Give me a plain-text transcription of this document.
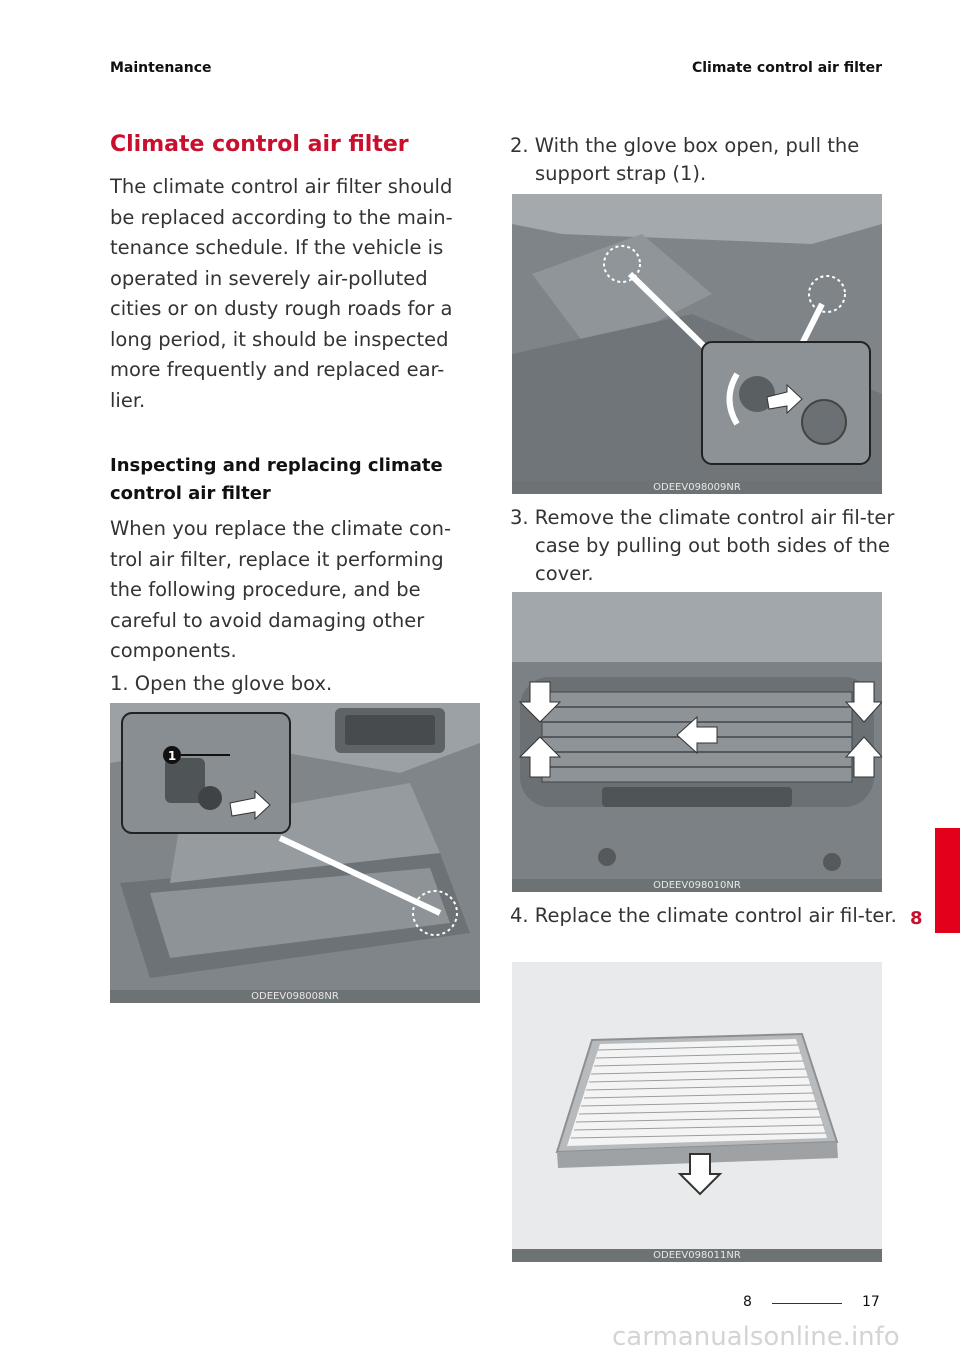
Maintenance	Climate control air filter
Climate control air filter

The climate control air filter should be replaced according to the main-tenance schedule. If the vehicle is operated in severely air-polluted cities or on dusty rough roads for a long period, it should be inspected more frequently and replaced ear-lier.

Inspecting and replacing climate control air filter

When you replace the climate con-trol air filter, replace it performing the following procedure, and be careful to avoid damaging other components.

1. Open the glove box.

1
ODEEV098008NR

2. With the glove box open, pull the support strap (1).

ODEEV098009NR

3. Remove the climate control air fil-ter case by pulling out both sides of the cover.

ODEEV098010NR

4. Replace the climate control air fil-ter.

ODEEV098011NR
8
8	17
carmanualsonline.info
